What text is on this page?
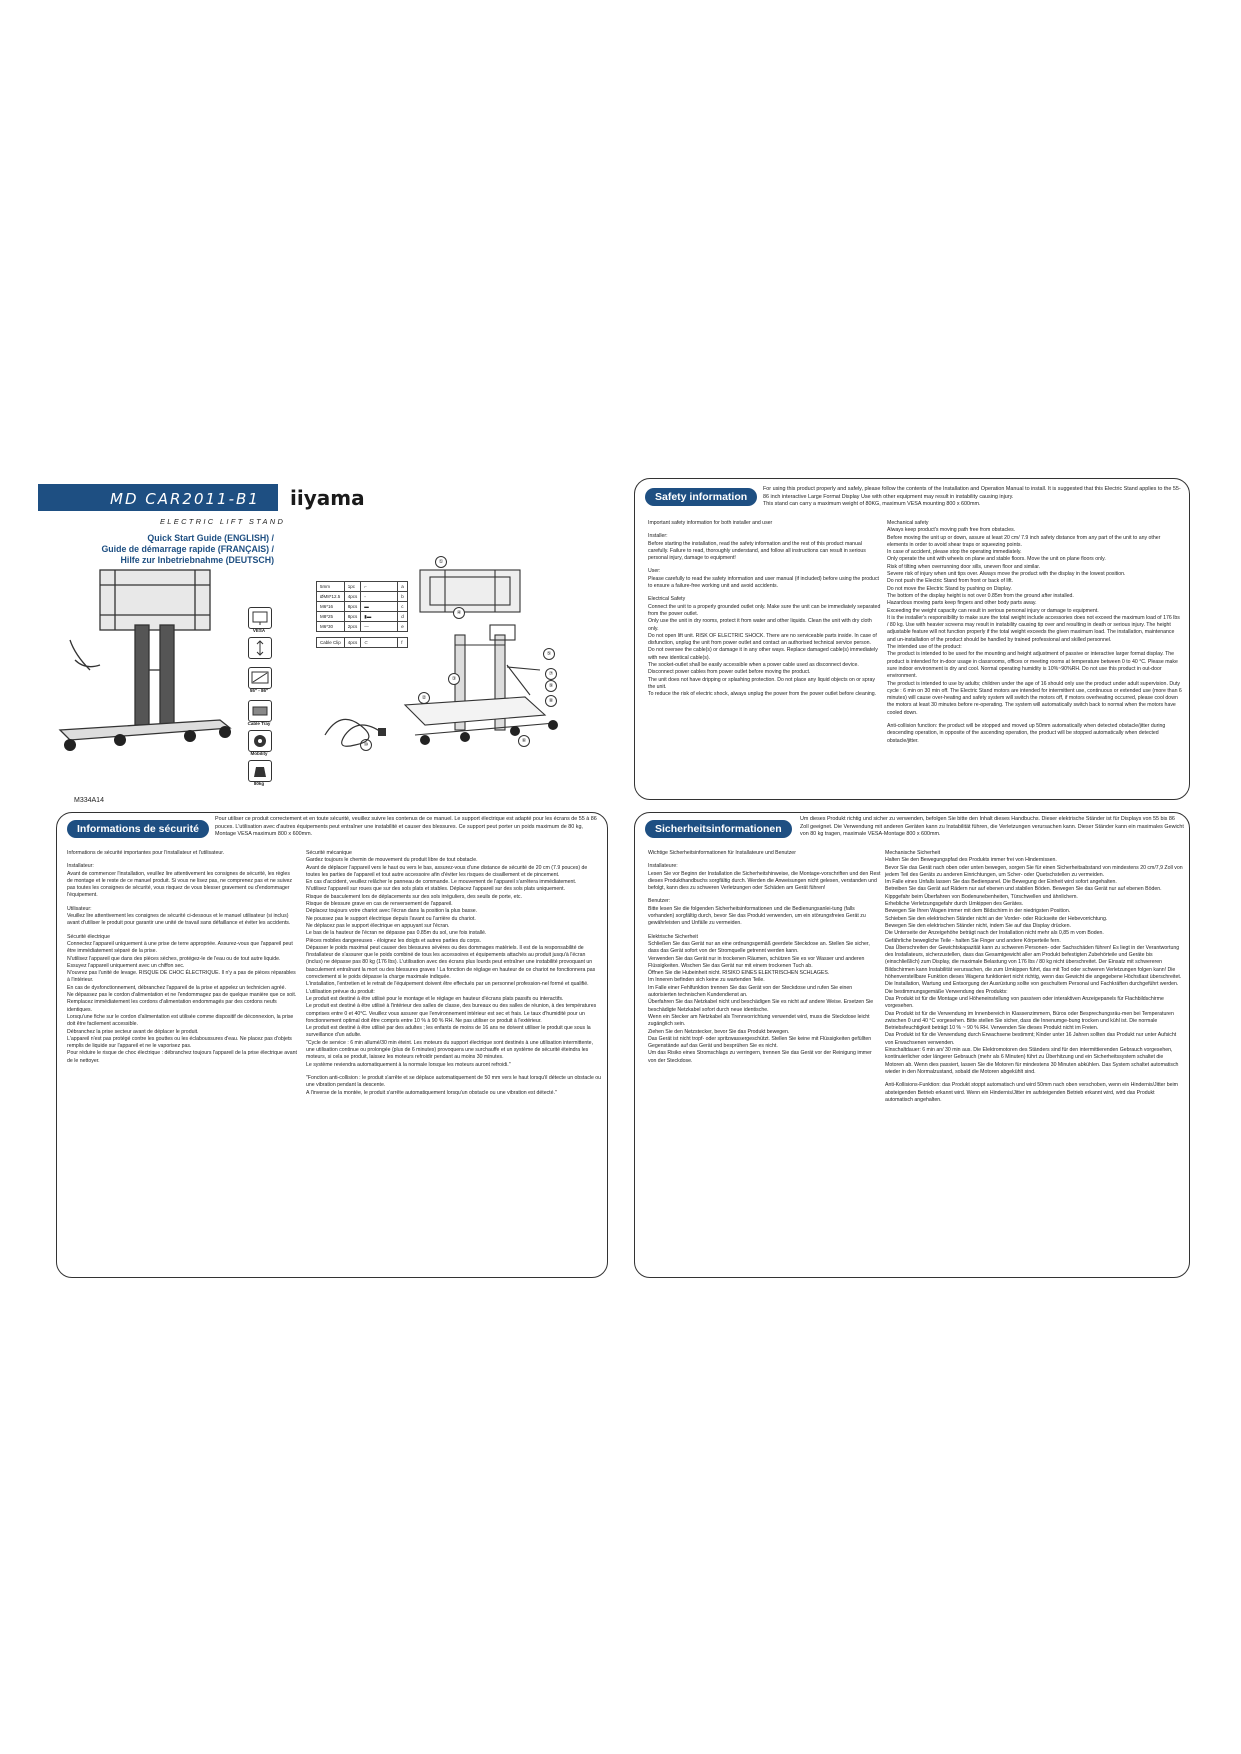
MD CAR2011-B1 iiyama
ELECTRIC LIFT STAND
Quick Start Guide (ENGLISH) /
Guide de démarrage rapide (FRANÇAIS) /
Hilfe zur Inbetriebnahme (DEUTSCH)
VESA
55" - 86"
Cable Tray
Mobility
80kg
5mm	1pc	⌐	a
ØM8*12.5	4pcs	◦	b
M6*16	8pcs	▬	c
M8*25	8pcs	▮▬	d
M6*30	2pcs	—	e

Cable Clip	4pcs	⊂	f
①
②
③
④
⑤
⑥
⑦
⑧
⑨
⑩
M334A14
Safety information
For using this product properly and safely, please follow the contents of the Installation and Operation Manual to install. It is suggested that this Electric Stand applies to the 55-86 inch interactive Large Format Display Use with other equipment may result in instability causing injury.
This stand can carry a maximum weight of 80KG, maximum VESA mounting 800 x 600mm.

Important safety information for both installer and user

Installer:
Before starting the installation, read the safety information and the rest of this product manual carefully. Failure to read, thoroughly understand, and follow all instructions can result in serious personal injury, damage to equipment!

User:
Please carefully to read the safety information and user manual (if included) before using the product to ensure a failure-free working unit and avoid accidents.

Electrical Safety
Connect the unit to a properly grounded outlet only. Make sure the unit can be immediately separated from the power outlet.
Only use the unit in dry rooms, protect it from water and other liquids. Clean the unit with dry cloth only.
Do not open lift unit. RISK OF ELECTRIC SHOCK. There are no serviceable parts inside. In case of disfunction, unplug the unit from power outlet and contact an authorised technical service person.
Do not oversee the cable(s) or damage it in any other ways. Replace damaged cable(s) immediately with new identical cable(s).
The socket-outlet shall be easily accessible when a power cable used as disconnect device.
Disconnect power cables from power outlet before moving the product.
The unit does not have dripping or splashing protection. Do not place any liquid objects on or spray the unit.
To reduce the risk of electric shock, always unplug the power from the power outlet before cleaning.

Mechanical safety
Always keep product's moving path free from obstacles.
Before moving the unit up or down, assure at least 20 cm/ 7.9 inch safety distance from any part of the unit to any other elements in order to avoid shear traps or squeezing points.
In case of accident, please stop the operating immediately.
Only operate the unit with wheels on plane and stable floors. Move the unit on plane floors only.
Risk of tilting when overrunning door sills, uneven floor and similar.
Severe risk of injury when unit tips over. Always move the product with the display in the lowest position.
Do not push the Electric Stand from front or back of lift.
Do not move the Electric Stand by pushing on Display.
The bottom of the display height is not over 0.85m from the ground after installed.
Hazardous moving parts keep fingers and other body parts away.
Exceeding the weight capacity can result in serious personal injury or damage to equipment.
It is the installer's responsibility to make sure the total weight include accessories does not exceed the maximum load of 176 lbs / 80 kg. Use with heavier screens may result in instability causing tip over and resulting in death or serious injury. The height adjustable feature will not function properly if the total weight exceeds the given maximum load. The installation, maintenance and un-installation of the product should be handled by trained professional and skilled personnel.
The intended use of the product:
The product is intended to be used for the mounting and height adjustment of passive or interactive larger format display. The product is intended for in-door usage in classrooms, offices or meeting rooms at temperature between 0 to 40 °C. Please make sure indoor environment is dry and cool. Normal operating humidity is 10%~90%RH. Do not use this product in out-door environment.
The product is intended to use by adults; children under the age of 16 should only use the product under adult supervision. Duty cycle : 6 min on 30 min off. The Electric Stand motors are intended for intermittent use, continuous or extended use (more than 6 minutes) will cause over-heating and safety system will switch the motors off, if motors overheating occurred, please cool down the motors at least 30 minutes before re-operating. The system will automatically switch back to normal when the motors have cooled down.

Anti-collision function: the product will be stopped and moved up 50mm automatically when detected obstacle/jitter during descending operation, in opposite of the ascending operation, the product will be stopped automatically when detected obstacle/jitter.

Informations de sécurité
Pour utiliser ce produit correctement et en toute sécurité, veuillez suivre les contenus de ce manuel. Le support électrique est adapté pour les écrans de 55 à 86 pouces. L'utilisation avec d'autres équipements peut entraîner une instabilité et causer des blessures. Ce support peut porter un poids maximum de 80 kg, Montage VESA maximum 800 x 600mm.

Informations de sécurité importantes pour l'installateur et l'utilisateur.

Installateur:
Avant de commencer l'installation, veuillez lire attentivement les consignes de sécurité, les règles de montage et le reste de ce manuel produit. Si vous ne lisez pas, ne comprenez pas et ne suivez pas toutes les consignes de sécurité, vous risquez de vous blesser gravement ou d'endommager l'équipement.

Utilisateur:
Veuillez lire attentivement les consignes de sécurité ci-dessous et le manuel utilisateur (si inclus) avant d'utiliser le produit pour garantir une unité de travail sans défaillance et éviter les accidents.

Sécurité électrique
Connectez l'appareil uniquement à une prise de terre appropriée. Assurez-vous que l'appareil peut être immédiatement séparé de la prise.
N'utilisez l'appareil que dans des pièces sèches, protégez-le de l'eau ou de tout autre liquide. Essuyez l'appareil uniquement avec un chiffon sec.
N'ouvrez pas l'unité de levage. RISQUE DE CHOC ÉLECTRIQUE. Il n'y a pas de pièces réparables à l'intérieur.
En cas de dysfonctionnement, débranchez l'appareil de la prise et appelez un technicien agréé.
Ne dépassez pas le cordon d'alimentation et ne l'endommagez pas de quelque manière que ce soit. Remplacez immédiatement les cordons d'alimentation endommagés par des cordons neufs identiques.
Lorsqu'une fiche sur le cordon d'alimentation est utilisée comme dispositif de déconnexion, la prise doit être facilement accessible.
Débranchez la prise secteur avant de déplacer le produit.
L'appareil n'est pas protégé contre les gouttes ou les éclaboussures d'eau. Ne placez pas d'objets remplis de liquide sur l'appareil et ne le vaporisez pas.
Pour réduire le risque de choc électrique : débranchez toujours l'appareil de la prise électrique avant de le nettoyer.

Sécurité mécanique
Gardez toujours le chemin de mouvement du produit libre de tout obstacle.
Avant de déplacer l'appareil vers le haut ou vers le bas, assurez-vous d'une distance de sécurité de 20 cm (7.9 pouces) de toutes les parties de l'appareil et tout autre accessoire afin d'éviter les risques de cisaillement et de pincement.
En cas d'accident, veuillez relâcher le panneau de commande. Le mouvement de l'appareil s'arrêtera immédiatement.
N'utilisez l'appareil sur roues que sur des sols plats et stables. Déplacez l'appareil sur des sols plats uniquement.
Risque de basculement lors de déplacements sur des sols irréguliers, des seuils de porte, etc.
Risque de blessure grave en cas de renversement de l'appareil.
Déplacez toujours votre chariot avec l'écran dans la position la plus basse.
Ne poussez pas le support électrique depuis l'avant ou l'arrière du chariot.
Ne déplacez pas le support électrique en appuyant sur l'écran.
Le bas de la hauteur de l'écran ne dépasse pas 0.85m du sol, une fois installé.
Pièces mobiles dangereuses - éloignez les doigts et autres parties du corps.
Dépasser le poids maximal peut causer des blessures sévères ou des dommages matériels. Il est de la responsabilité de l'installateur de s'assurer que le poids combiné de tous les accessoires et équipements attachés au produit jusqu'à l'écran (inclus) ne dépasse pas 80 kg (176 lbs). L'utilisation avec des écrans plus lourds peut entraîner une instabilité provoquant un basculement entraînant la mort ou des blessures graves ! La fonction de réglage en hauteur de ce chariot ne fonctionnera pas correctement si le poids dépasse la charge maximale indiquée.
L'installation, l'entretien et le retrait de l'équipement doivent être effectués par un personnel profession-nel formé et qualifié.
L'utilisation prévue du produit:
Le produit est destiné à être utilisé pour le montage et le réglage en hauteur d'écrans plats passifs ou interactifs.
Le produit est destiné à être utilisé à l'intérieur des salles de classe, des bureaux ou des salles de réunion, à des températures comprises entre 0 et 40°C. Veuillez vous assurer que l'environnement intérieur est sec et frais. Le taux d'humidité pour un fonctionnement optimal doit être compris entre 10 % à 90 % RH. Ne pas utiliser ce produit à l'extérieur.
Le produit est destiné à être utilisé par des adultes ; les enfants de moins de 16 ans ne doivent utiliser le produit que sous la surveillance d'un adulte.
"Cycle de service : 6 min allumé/30 min éteint. Les moteurs du support électrique sont destinés à une utilisation intermittente, une utilisation continue ou prolongée (plus de 6 minutes) provoquera une surchauffe et un système de sécurité éteindra les moteurs, si cela se produit, laissez les moteurs refroidir pendant au moins 30 minutes.
Le système reviendra automatiquement à la normale lorsque les moteurs auront refroidi."

"Fonction anti-collision : le produit s'arrête et se déplace automatiquement de 50 mm vers le haut lorsqu'il détecte un obstacle ou une vibration pendant la descente.
A l'inverse de la montée, le produit s'arrête automatiquement lorsqu'un obstacle ou une vibration est détecté."

Sicherheitsinformationen
Um dieses Produkt richtig und sicher zu verwenden, befolgen Sie bitte den Inhalt dieses Handbuchs. Dieser elektrische Ständer ist für Displays von 55 bis 86 Zoll geeignet. Die Verwendung mit anderen Geräten kann zu Instabilität führen, die Verletzungen verursachen kann. Dieser Ständer kann ein maximales Gewicht von 80 kg tragen, maximale VESA-Montage 800 x 600mm.

Wichtige Sicherheitsinformationen für Installateure und Benutzer

Installateure:
Lesen Sie vor Beginn der Installation die Sicherheitshinweise, die Montage-vorschriften und den Rest dieses Produkthandbuchs sorgfältig durch. Werden die Anweisungen nicht gelesen, verstanden und befolgt, kann dies zu schweren Verletzungen oder Schäden am Gerät führen!

Benutzer:
Bitte lesen Sie die folgenden Sicherheitsinformationen und die Bedienungsanlei-tung (falls vorhanden) sorgfältig durch, bevor Sie das Produkt verwenden, um ein störungsfreies Gerät zu gewährleisten und Unfälle zu vermeiden.

Elektrische Sicherheit
Schließen Sie das Gerät nur an eine ordnungsgemäß geerdete Steckdose an. Stellen Sie sicher, dass das Gerät sofort von der Stromquelle getrennt werden kann.
Verwenden Sie das Gerät nur in trockenen Räumen, schützen Sie es vor Wasser und anderen Flüssigkeiten. Wischen Sie das Gerät nur mit einem trockenen Tuch ab.
Öffnen Sie die Hubeinheit nicht. RISIKO EINES ELEKTRISCHEN SCHLAGES.
Im Inneren befinden sich keine zu wartenden Teile.
Im Falle einer Fehlfunktion trennen Sie das Gerät von der Steckdose und rufen Sie einen autorisierten technischen Kundendienst an.
Überfahren Sie das Netzkabel nicht und beschädigen Sie es nicht auf andere Weise. Ersetzen Sie beschädigte Netzkabel sofort durch neue identische.
Wenn ein Stecker am Netzkabel als Trennvorrichtung verwendet wird, muss die Steckdose leicht zugänglich sein.
Ziehen Sie den Netzstecker, bevor Sie das Produkt bewegen.
Das Gerät ist nicht tropf- oder spritzwassergeschützt. Stellen Sie keine mit Flüssigkeiten gefüllten Gegenstände auf das Gerät und besprühen Sie es nicht.
Um das Risiko eines Stromschlags zu verringern, trennen Sie das Gerät vor der Reinigung immer von der Steckdose.

Mechanische Sicherheit
Halten Sie den Bewegungspfad des Produkts immer frei von Hindernissen.
Bevor Sie das Gerät nach oben oder unten bewegen, sorgen Sie für einen Sicherheitsabstand von mindestens 20 cm/7,9 Zoll von jedem Teil des Geräts zu anderen Einrichtungen, um Scher- oder Quetschstellen zu vermeiden.
Im Falle eines Unfalls lassen Sie das Bedienpanel. Die Bewegung der Einheit wird sofort angehalten.
Betreiben Sie das Gerät auf Rädern nur auf ebenen und stabilen Böden. Bewegen Sie das Gerät nur auf ebenen Böden.
Kippgefahr beim Überfahren von Bodenunebenheiten, Türschwellen und ähnlichem.
Erhebliche Verletzungsgefahr durch Umkippen des Gerätes.
Bewegen Sie Ihren Wagen immer mit dem Bildschirm in der niedrigsten Position.
Schieben Sie den elektrischen Ständer nicht an der Vorder- oder Rückseite der Hebevorrichtung.
Bewegen Sie den elektrischen Ständer nicht, indem Sie auf das Display drücken.
Die Unterseite der Anzeigehöhe beträgt nach der Installation nicht mehr als 0,85 m vom Boden.
Gefährliche bewegliche Teile - halten Sie Finger und andere Körperteile fern.
Das Überschreiten der Gewichtskapazität kann zu schweren Personen- oder Sachschäden führen! Es liegt in der Verantwortung des Installateurs, sicherzustellen, dass das Gesamtgewicht aller am Produkt befestigten Zubehörteile und Geräte bis (einschließlich) zum Display, die maximale Belastung von 176 lbs / 80 kg nicht überschreitet. Der Einsatz mit schwereren Bildschirmen kann Instabilität verursachen, die zum Umkippen führt, das mit Tod oder schweren Verletzungen folgen kann! Die höhenverstellbare Funktion dieses Wagens funktioniert nicht richtig, wenn das Gewicht die angegebene Höchstlast überschreitet.
Die Installation, Wartung und Entsorgung der Ausrüstung sollte von geschultem Personal und Fachkräften durchgeführt werden.
Die bestimmungsgemäße Verwendung des Produkts:
Das Produkt ist für die Montage und Höheneinstellung von passiven oder interaktiven Anzeigepanels für Flachbildschirme vorgesehen.
Das Produkt ist für die Verwendung im Innenbereich in Klassenzimmern, Büros oder Besprechungsräu-men bei Temperaturen zwischen 0 und 40 °C vorgesehen. Bitte stellen Sie sicher, dass die Innenumge-bung trocken und kühl ist. Die normale Betriebsfeuchtigkeit beträgt 10 % ~ 90 % RH. Verwenden Sie dieses Produkt nicht im Freien.
Das Produkt ist für die Verwendung durch Erwachsene bestimmt; Kinder unter 16 Jahren sollten das Produkt nur unter Aufsicht von Erwachsenen verwenden.
Einschaltdauer: 6 min an/ 30 min aus. Die Elektromotoren des Ständers sind für den intermittierenden Gebrauch vorgesehen, kontinuierlicher oder längerer Gebrauch (mehr als 6 Minuten) führt zu Überhitzung und ein Sicherheitssystem schaltet die Motoren ab. Wenn dies passiert, lassen Sie die Motoren für mindestens 30 Minuten abkühlen. Das System schaltet automatisch wieder in den Normalzustand, sobald die Motoren abgekühlt sind.

Anti-Kollisions-Funktion: das Produkt stoppt automatisch und wird 50mm nach oben verschoben, wenn ein Hindernis/Jitter beim absteigenden Betrieb erkannt wird. Wenn ein Hindernis/Jitter im aufsteigenden Betrieb erkannt wird, wird das Produkt automatisch angehalten.
